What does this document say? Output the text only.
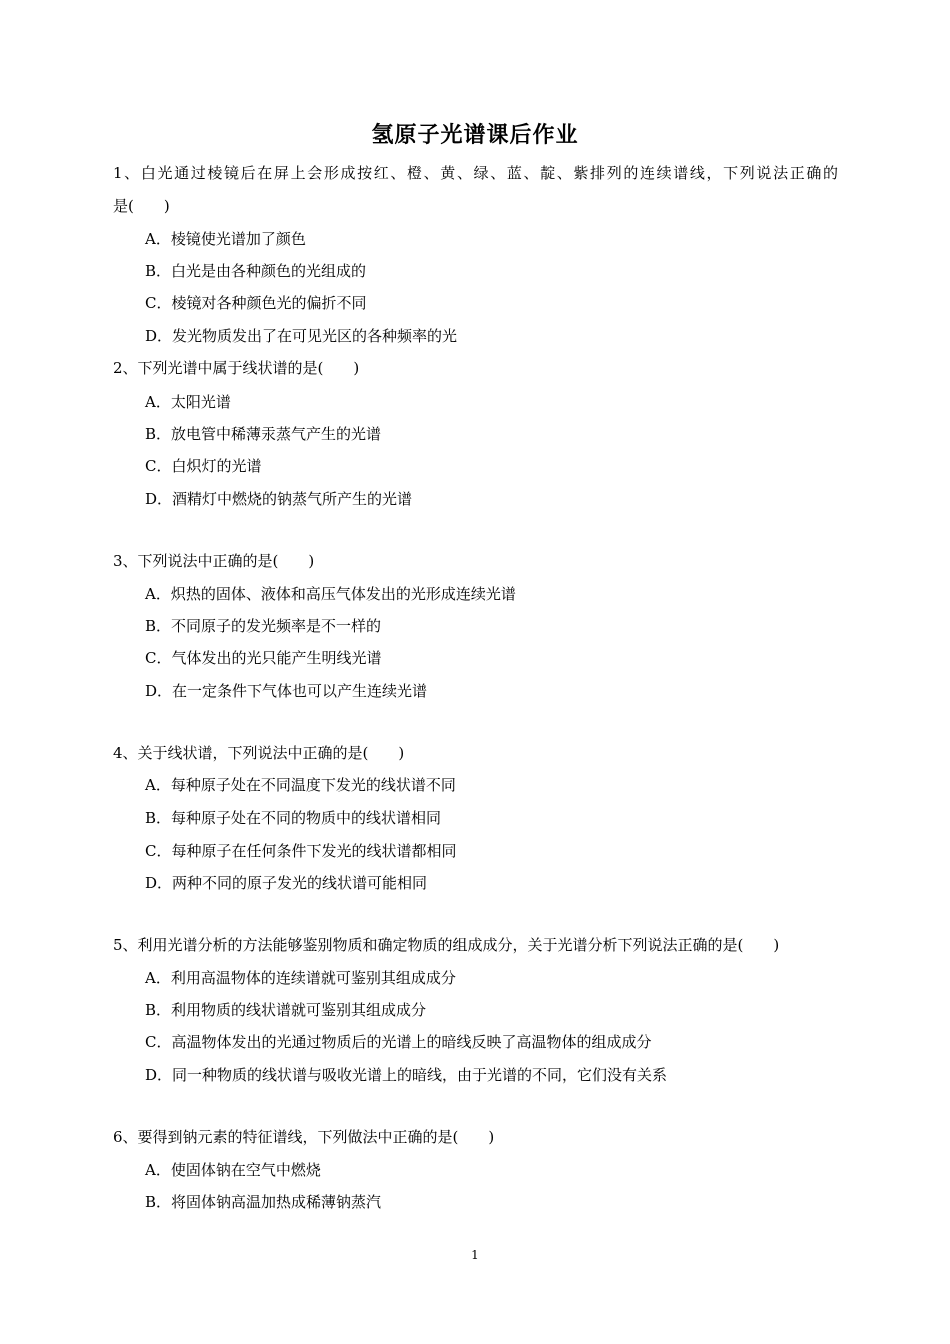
氢原子光谱课后作业
1、白光通过棱镜后在屏上会形成按红、橙、黄、绿、蓝、靛、紫排列的连续谱线，下列说法正确的
是(　　)
A．棱镜使光谱加了颜色
B．白光是由各种颜色的光组成的
C．棱镜对各种颜色光的偏折不同
D．发光物质发出了在可见光区的各种频率的光
2、下列光谱中属于线状谱的是(　　)
A．太阳光谱
B．放电管中稀薄汞蒸气产生的光谱
C．白炽灯的光谱
D．酒精灯中燃烧的钠蒸气所产生的光谱
3、下列说法中正确的是(　　)
A．炽热的固体、液体和高压气体发出的光形成连续光谱
B．不同原子的发光频率是不一样的
C．气体发出的光只能产生明线光谱
D．在一定条件下气体也可以产生连续光谱
4、关于线状谱，下列说法中正确的是(　　)
A．每种原子处在不同温度下发光的线状谱不同
B．每种原子处在不同的物质中的线状谱相同
C．每种原子在任何条件下发光的线状谱都相同
D．两种不同的原子发光的线状谱可能相同
5、利用光谱分析的方法能够鉴别物质和确定物质的组成成分，关于光谱分析下列说法正确的是(　　)
A．利用高温物体的连续谱就可鉴别其组成成分
B．利用物质的线状谱就可鉴别其组成成分
C．高温物体发出的光通过物质后的光谱上的暗线反映了高温物体的组成成分
D．同一种物质的线状谱与吸收光谱上的暗线，由于光谱的不同，它们没有关系
6、要得到钠元素的特征谱线，下列做法中正确的是(　　)
A．使固体钠在空气中燃烧
B．将固体钠高温加热成稀薄钠蒸汽
1
